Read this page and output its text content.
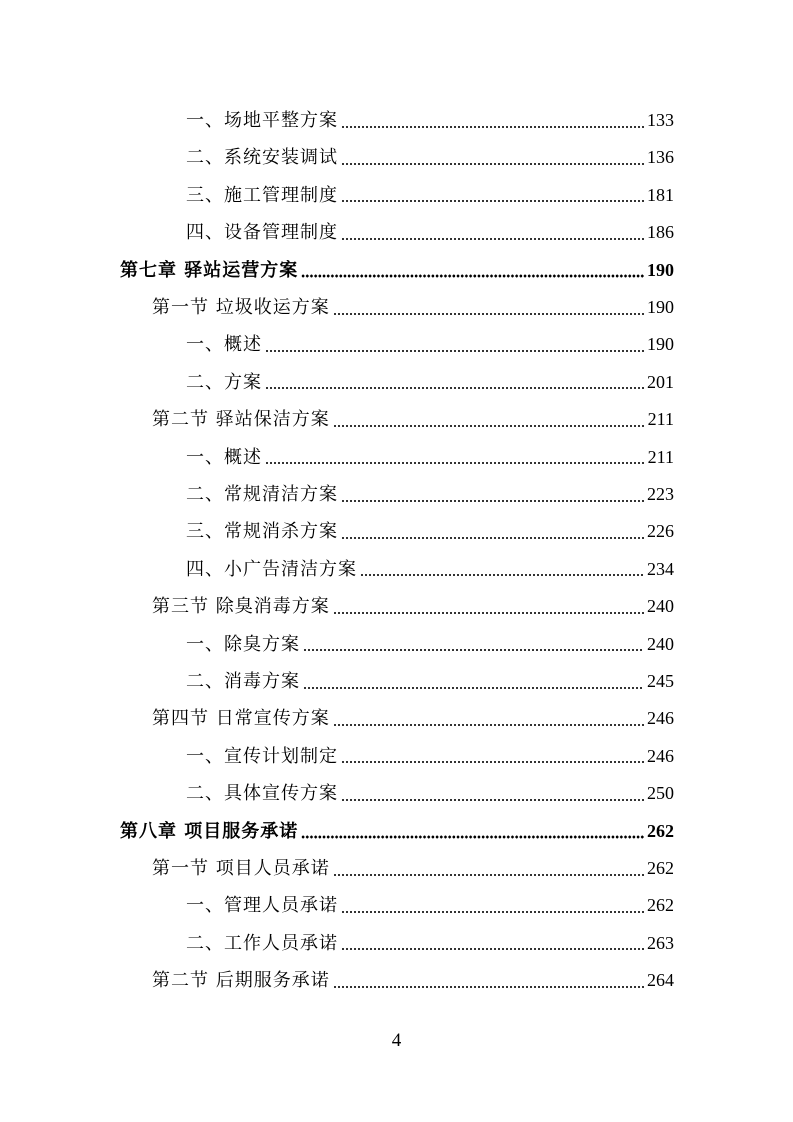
一、场地平整方案	133
二、系统安装调试	136
三、施工管理制度	181
四、设备管理制度	186
第七章 驿站运营方案	190
第一节 垃圾收运方案	190
一、概述	190
二、方案	201
第二节 驿站保洁方案	211
一、概述	211
二、常规清洁方案	223
三、常规消杀方案	226
四、小广告清洁方案	234
第三节 除臭消毒方案	240
一、除臭方案	240
二、消毒方案	245
第四节 日常宣传方案	246
一、宣传计划制定	246
二、具体宣传方案	250
第八章 项目服务承诺	262
第一节 项目人员承诺	262
一、管理人员承诺	262
二、工作人员承诺	263
第二节 后期服务承诺	264
4
